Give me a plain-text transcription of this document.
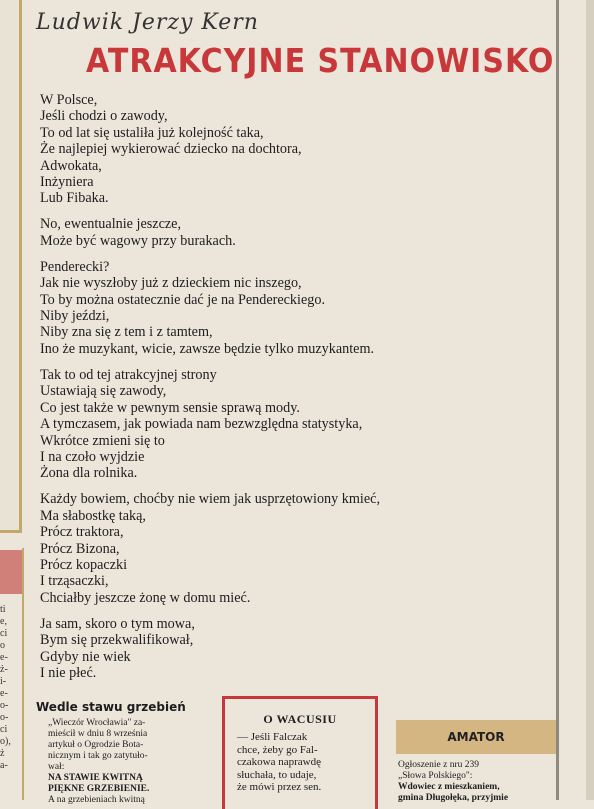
ti
e,
ci
o
e-
ż-
i-
e-
o-
o-
ci
o),
ż
a-
Ludwik Jerzy Kern
ATRAKCYJNE STANOWISKO
W Polsce,
Jeśli chodzi o zawody,
To od lat się ustaliła już kolejność taka,
Że najlepiej wykierować dziecko na dochtora,
Adwokata,
Inżyniera
Lub Fibaka.
No, ewentualnie jeszcze,
Może być wagowy przy burakach.
Penderecki?
Jak nie wyszłoby już z dzieckiem nic inszego,
To by można ostatecznie dać je na Pendereckiego.
Niby jeździ,
Niby zna się z tem i z tamtem,
Ino że muzykant, wicie, zawsze będzie tylko muzykantem.
Tak to od tej atrakcyjnej strony
Ustawiają się zawody,
Co jest także w pewnym sensie sprawą mody.
A tymczasem, jak powiada nam bezwzględna statystyka,
Wkrótce zmieni się to
I na czoło wyjdzie
Żona dla rolnika.
Każdy bowiem, choćby nie wiem jak usprzętowiony kmieć,
Ma słabostkę taką,
Prócz traktora,
Prócz Bizona,
Prócz kopaczki
I trząsaczki,
Chciałby jeszcze żonę w domu mieć.
Ja sam, skoro o tym mowa,
Bym się przekwalifikował,
Gdyby nie wiek
I nie płeć.
Wedle stawu grzebień
„Wieczór Wrocławia" za-
mieścił w dniu 8 września
artykuł o Ogrodzie Bota-
nicznym i tak go zatytuło-
wał:
NA STAWIE KWITNĄ
PIĘKNE GRZEBIENIE.
A na grzebieniach kwitną
O WACUSIU
— Jeśli Falczak
chce, żeby go Fal-
czakowa naprawdę
słuchała, to udaje,
że mówi przez sen.
AMATOR
Ogłoszenie z nru 239
„Słowa Polskiego":
Wdowiec z mieszkaniem,
gmina Długołęka, przyjmie
